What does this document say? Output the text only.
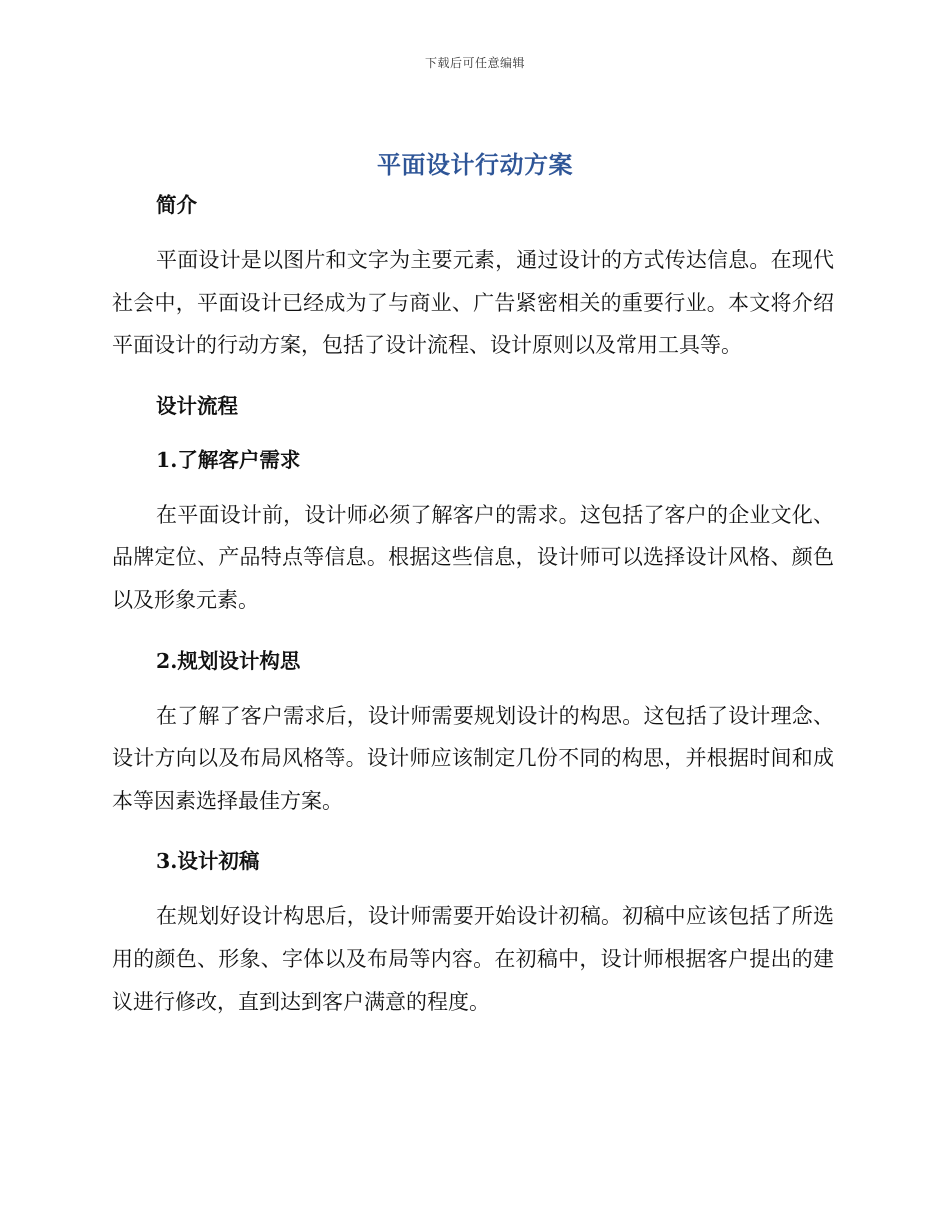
下载后可任意编辑
平面设计行动方案
简介

平面设计是以图片和文字为主要元素，通过设计的方式传达信息。在现代社会中，平面设计已经成为了与商业、广告紧密相关的重要行业。本文将介绍平面设计的行动方案，包括了设计流程、设计原则以及常用工具等。

设计流程
1.了解客户需求

在平面设计前，设计师必须了解客户的需求。这包括了客户的企业文化、品牌定位、产品特点等信息。根据这些信息，设计师可以选择设计风格、颜色以及形象元素。

2.规划设计构思

在了解了客户需求后，设计师需要规划设计的构思。这包括了设计理念、设计方向以及布局风格等。设计师应该制定几份不同的构思，并根据时间和成本等因素选择最佳方案。

3.设计初稿

在规划好设计构思后，设计师需要开始设计初稿。初稿中应该包括了所选用的颜色、形象、字体以及布局等内容。在初稿中，设计师根据客户提出的建议进行修改，直到达到客户满意的程度。
